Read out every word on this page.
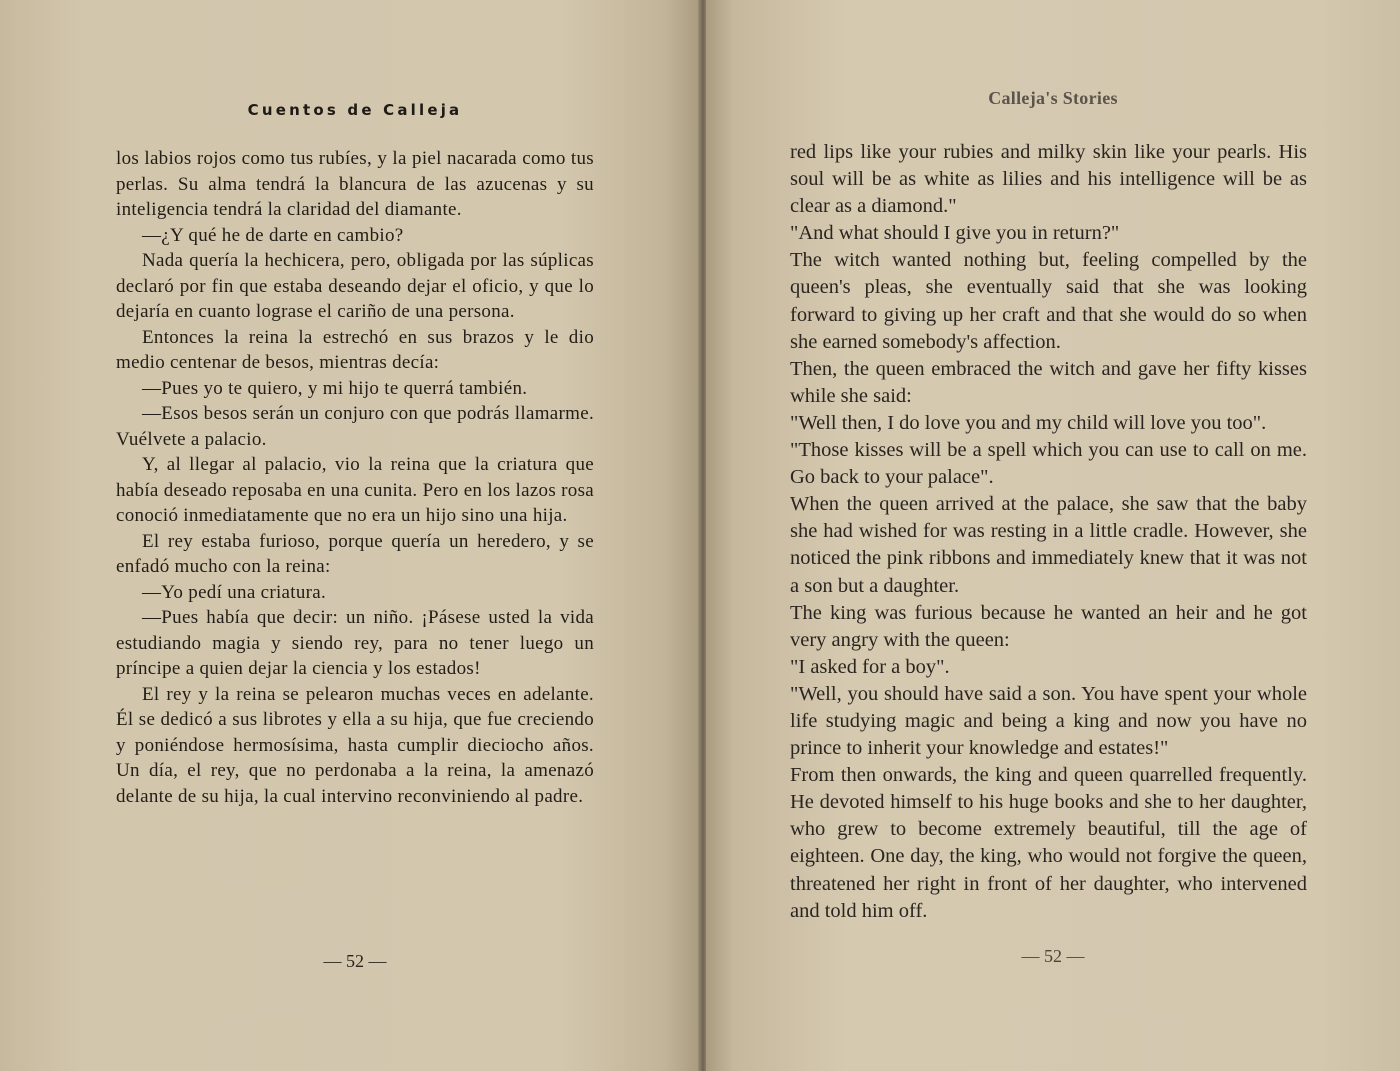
Cuentos de Calleja

los labios rojos como tus rubíes, y la piel nacarada como tus perlas. Su alma tendrá la blancura de las azucenas y su inteligencia tendrá la claridad del diamante.

—¿Y qué he de darte en cambio?

Nada quería la hechicera, pero, obligada por las súplicas declaró por fin que estaba deseando dejar el oficio, y que lo dejaría en cuanto lograse el cariño de una persona.

Entonces la reina la estrechó en sus brazos y le dio medio centenar de besos, mientras decía:

—Pues yo te quiero, y mi hijo te querrá también.

—Esos besos serán un conjuro con que podrás llamarme. Vuélvete a palacio.

Y, al llegar al palacio, vio la reina que la criatura que había deseado reposaba en una cunita. Pero en los lazos rosa conoció inmediatamente que no era un hijo sino una hija.

El rey estaba furioso, porque quería un heredero, y se enfadó mucho con la reina:

—Yo pedí una criatura.

—Pues había que decir: un niño. ¡Pásese usted la vida estudiando magia y siendo rey, para no tener luego un príncipe a quien dejar la ciencia y los estados!

El rey y la reina se pelearon muchas veces en adelante. Él se dedicó a sus librotes y ella a su hija, que fue creciendo y poniéndose hermosísima, hasta cumplir dieciocho años. Un día, el rey, que no perdonaba a la reina, la amenazó delante de su hija, la cual intervino reconviniendo al padre.

— 52 —
Calleja's Stories

red lips like your rubies and milky skin like your pearls. His soul will be as white as lilies and his intelligence will be as clear as a diamond."

"And what should I give you in return?"

The witch wanted nothing but, feeling compelled by the queen's pleas, she eventually said that she was looking forward to giving up her craft and that she would do so when she earned somebody's affection.

Then, the queen embraced the witch and gave her fifty kisses while she said:

"Well then, I do love you and my child will love you too".

"Those kisses will be a spell which you can use to call on me. Go back to your palace".

When the queen arrived at the palace, she saw that the baby she had wished for was resting in a little cradle. However, she noticed the pink ribbons and immediately knew that it was not a son but a daughter.

The king was furious because he wanted an heir and he got very angry with the queen:

"I asked for a boy".

"Well, you should have said a son. You have spent your whole life studying magic and being a king and now you have no prince to inherit your knowledge and estates!"

From then onwards, the king and queen quarrelled frequently. He devoted himself to his huge books and she to her daughter, who grew to become extremely beautiful, till the age of eighteen. One day, the king, who would not forgive the queen, threatened her right in front of her daughter, who intervened and told him off.

— 52 —
